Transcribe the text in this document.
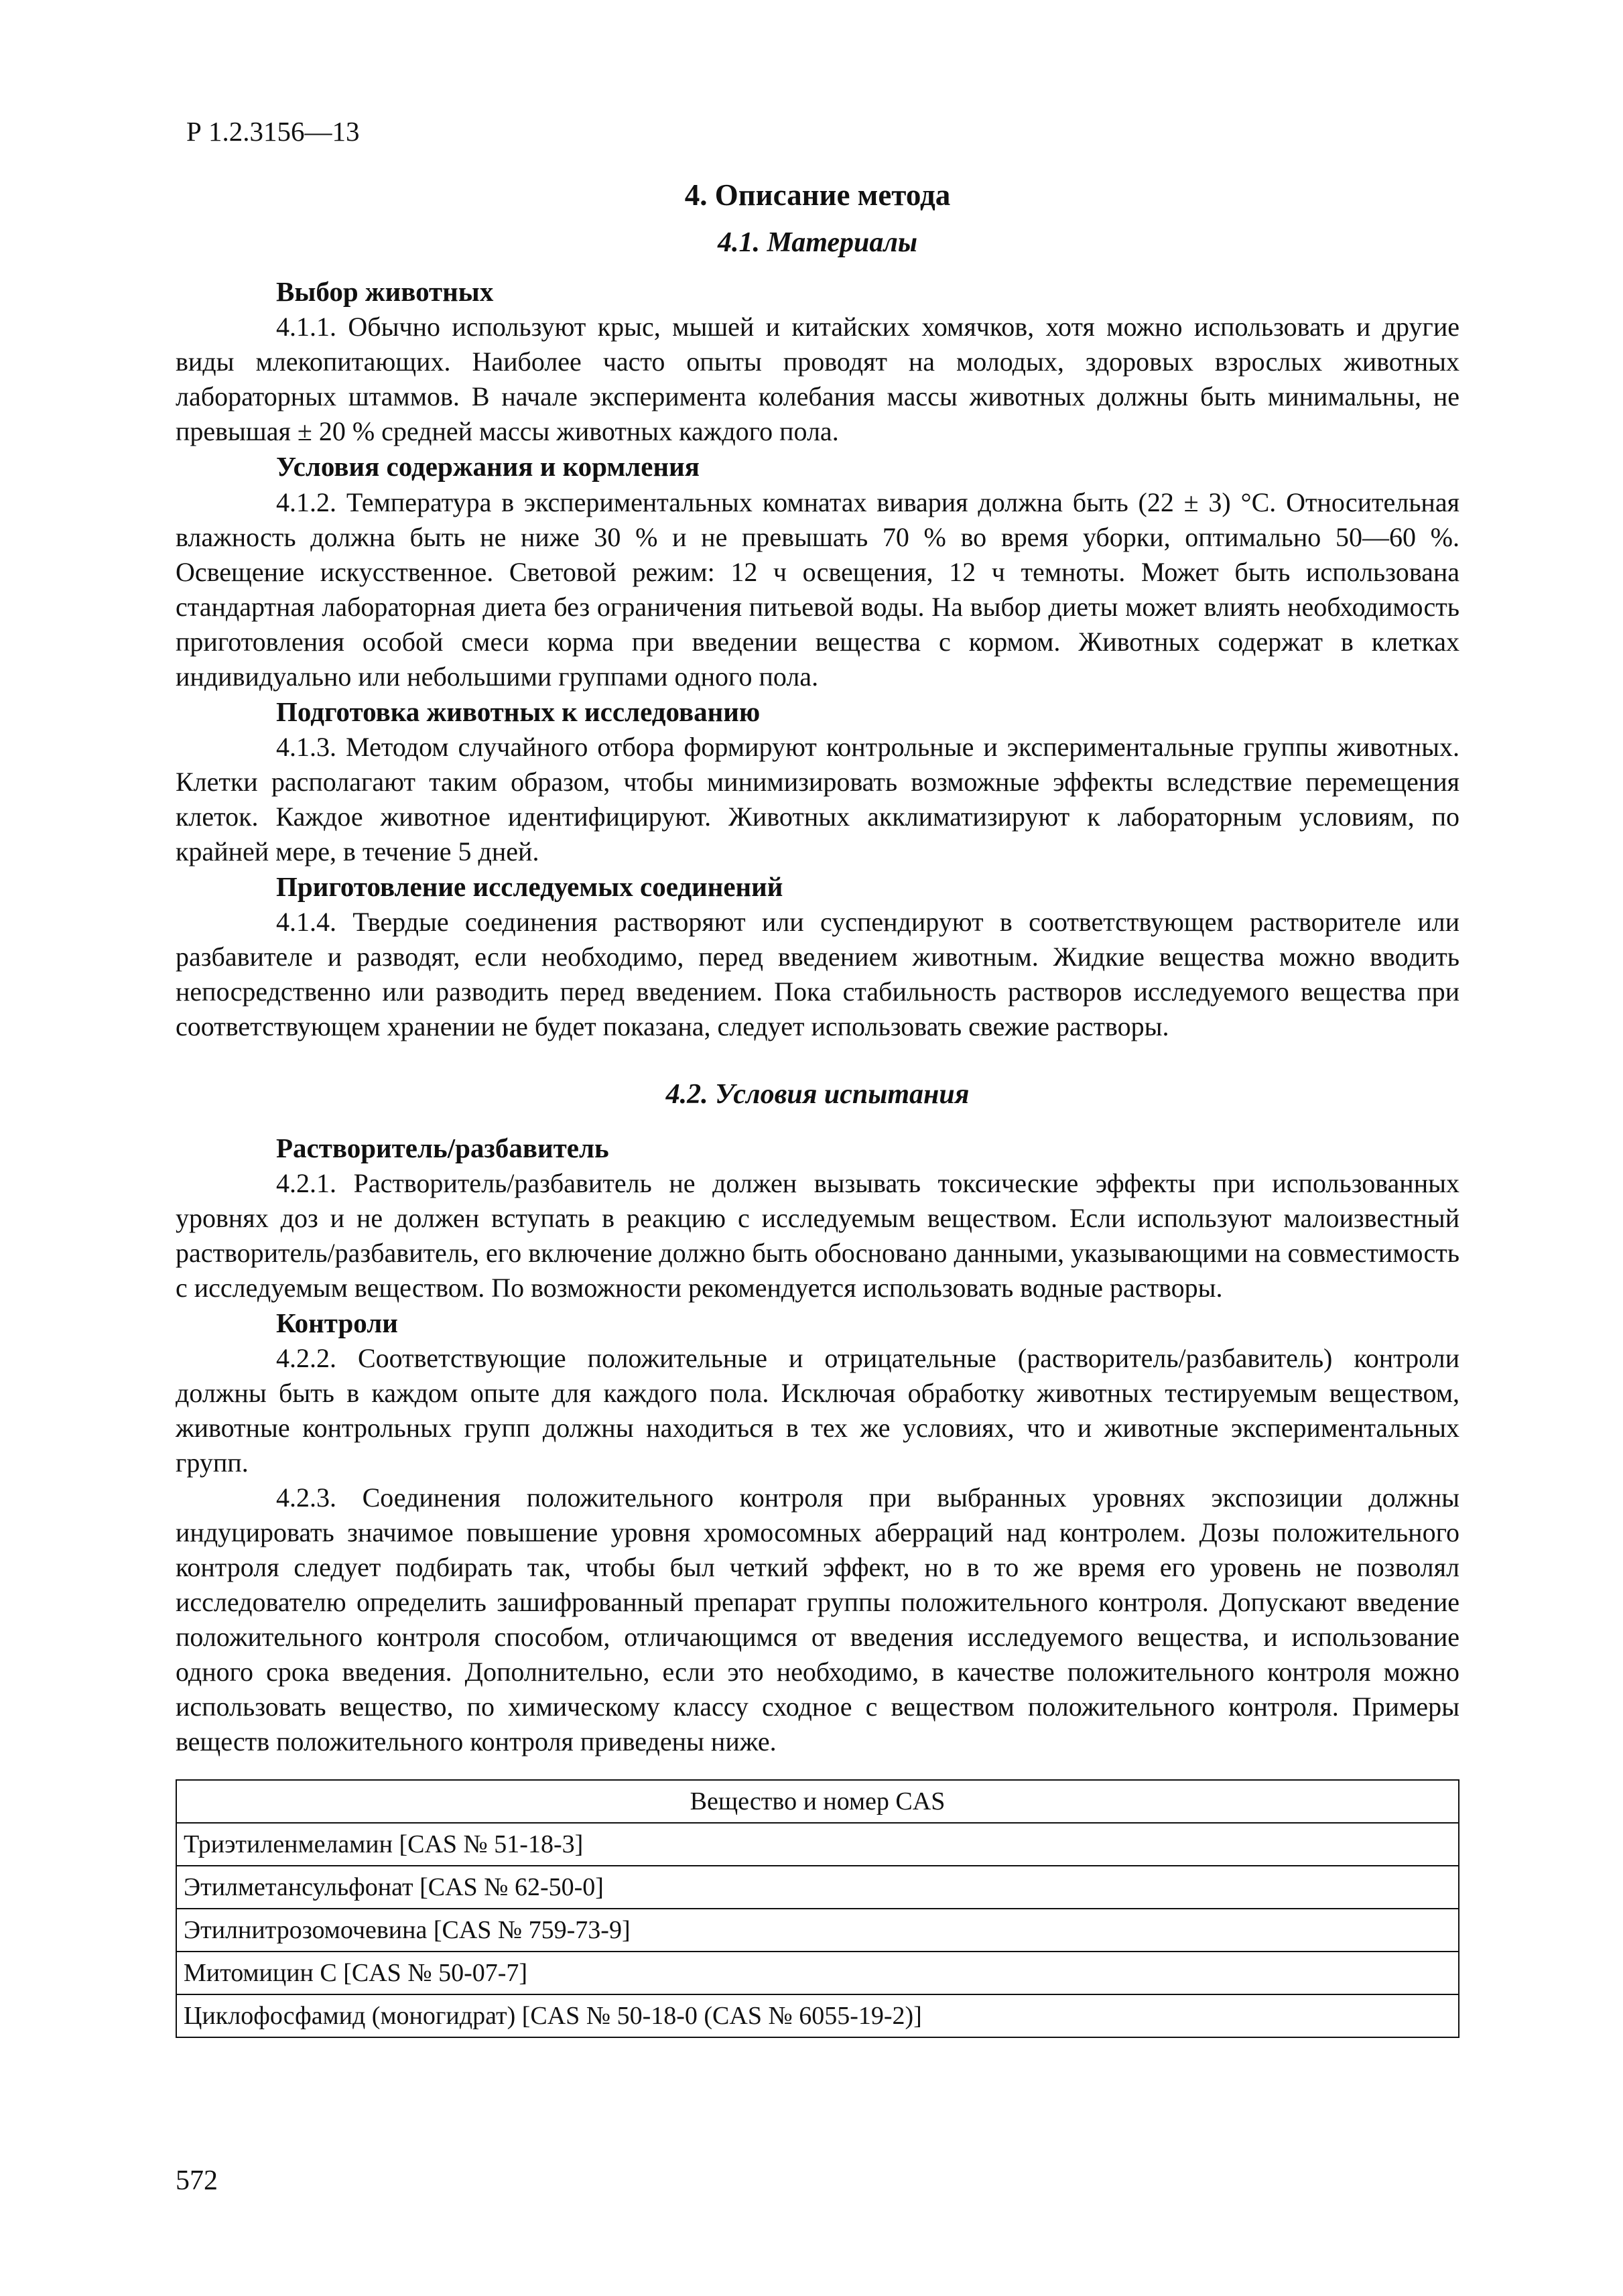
Р 1.2.3156—13
4. Описание метода
4.1. Материалы
Выбор животных

4.1.1. Обычно используют крыс, мышей и китайских хомячков, хотя можно использовать и другие виды млекопитающих. Наиболее часто опыты проводят на молодых, здоровых взрослых животных лабораторных штаммов. В начале эксперимента колебания массы животных должны быть минимальны, не превышая ± 20 % средней массы животных каждого пола.

Условия содержания и кормления

4.1.2. Температура в экспериментальных комнатах вивария должна быть (22 ± 3) °С. Относительная влажность должна быть не ниже 30 % и не превышать 70 % во время уборки, оптимально 50—60 %. Освещение искусственное. Световой режим: 12 ч освещения, 12 ч темноты. Может быть использована стандартная лабораторная диета без ограничения питьевой воды. На выбор диеты может влиять необходимость приготовления особой смеси корма при введении вещества с кормом. Животных содержат в клетках индивидуально или небольшими группами одного пола.

Подготовка животных к исследованию

4.1.3. Методом случайного отбора формируют контрольные и экспериментальные группы животных. Клетки располагают таким образом, чтобы минимизировать возможные эффекты вследствие перемещения клеток. Каждое животное идентифицируют. Животных акклиматизируют к лабораторным условиям, по крайней мере, в течение 5 дней.

Приготовление исследуемых соединений

4.1.4. Твердые соединения растворяют или суспендируют в соответствующем растворителе или разбавителе и разводят, если необходимо, перед введением животным. Жидкие вещества можно вводить непосредственно или разводить перед введением. Пока стабильность растворов исследуемого вещества при соответствующем хранении не будет показана, следует использовать свежие растворы.

4.2. Условия испытания
Растворитель/разбавитель

4.2.1. Растворитель/разбавитель не должен вызывать токсические эффекты при использованных уровнях доз и не должен вступать в реакцию с исследуемым веществом. Если используют малоизвестный растворитель/разбавитель, его включение должно быть обосновано данными, указывающими на совместимость с исследуемым веществом. По возможности рекомендуется использовать водные растворы.

Контроли

4.2.2. Соответствующие положительные и отрицательные (растворитель/разбавитель) контроли должны быть в каждом опыте для каждого пола. Исключая обработку животных тестируемым веществом, животные контрольных групп должны находиться в тех же условиях, что и животные экспериментальных групп.

4.2.3. Соединения положительного контроля при выбранных уровнях экспозиции должны индуцировать значимое повышение уровня хромосомных аберраций над контролем. Дозы положительного контроля следует подбирать так, чтобы был четкий эффект, но в то же время его уровень не позволял исследователю определить зашифрованный препарат группы положительного контроля. Допускают введение положительного контроля способом, отличающимся от введения исследуемого вещества, и использование одного срока введения. Дополнительно, если это необходимо, в качестве положительного контроля можно использовать вещество, по химическому классу сходное с веществом положительного контроля. Примеры веществ положительного контроля приведены ниже.

Вещество и номер CAS
Триэтиленмеламин [CAS № 51-18-3]
Этилметансульфонат [CAS № 62-50-0]
Этилнитрозомочевина [CAS № 759-73-9]
Митомицин С [CAS № 50-07-7]
Циклофосфамид (моногидрат) [CAS № 50-18-0 (CAS № 6055-19-2)]
572
